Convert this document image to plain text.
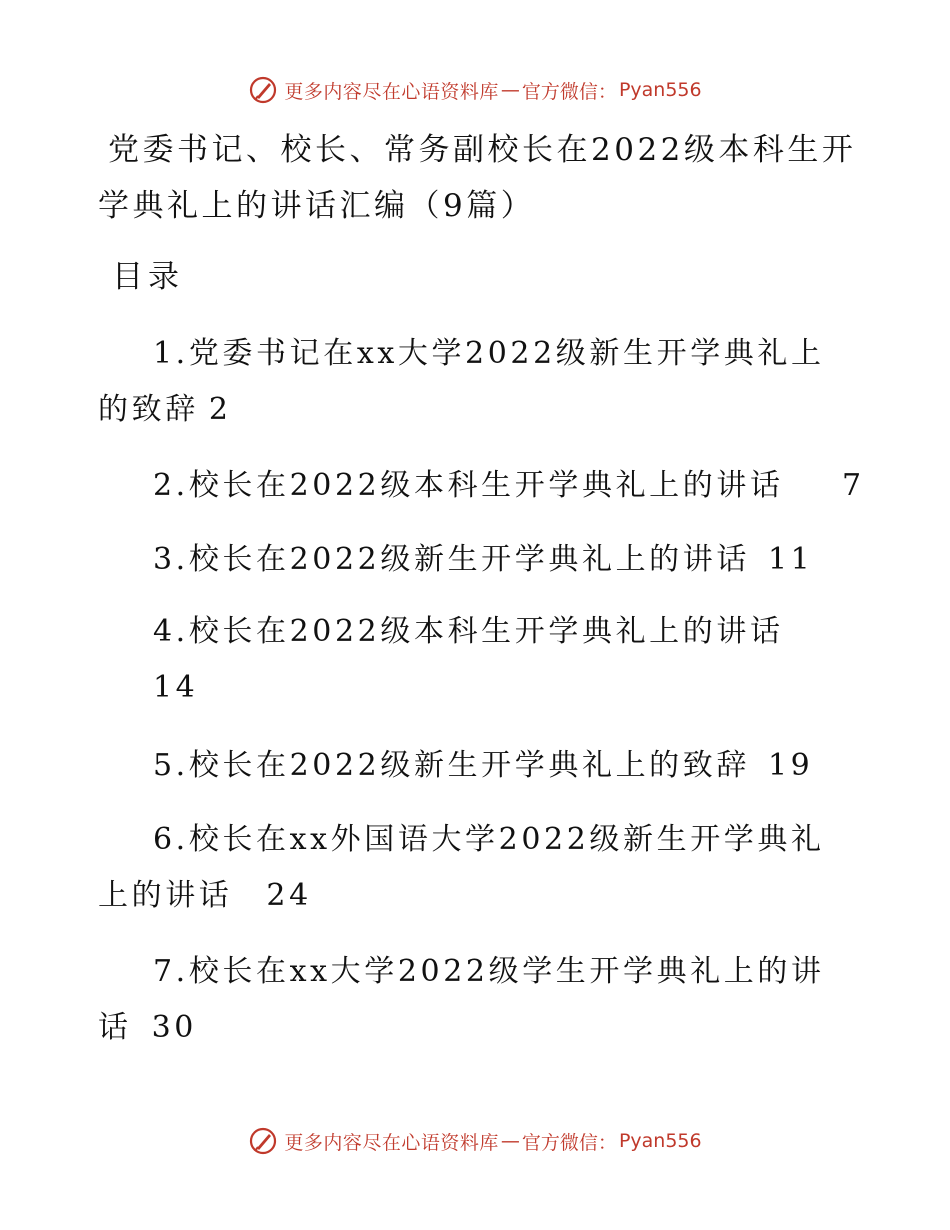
更多内容尽在心语资料库 — 官方微信： Pyan556
党委书记、校长、常务副校长在2022级本科生开
学典礼上的讲话汇编（9篇）
目录
1.党委书记在xx大学2022级新生开学典礼上
的致辞 2
2.校长在2022级本科生开学典礼上的讲话 7
3.校长在2022级新生开学典礼上的讲话 11
4.校长在2022级本科生开学典礼上的讲话
14
5.校长在2022级新生开学典礼上的致辞 19
6.校长在xx外国语大学2022级新生开学典礼
上的讲话 24
7.校长在xx大学2022级学生开学典礼上的讲
话 30
更多内容尽在心语资料库 — 官方微信： Pyan556
